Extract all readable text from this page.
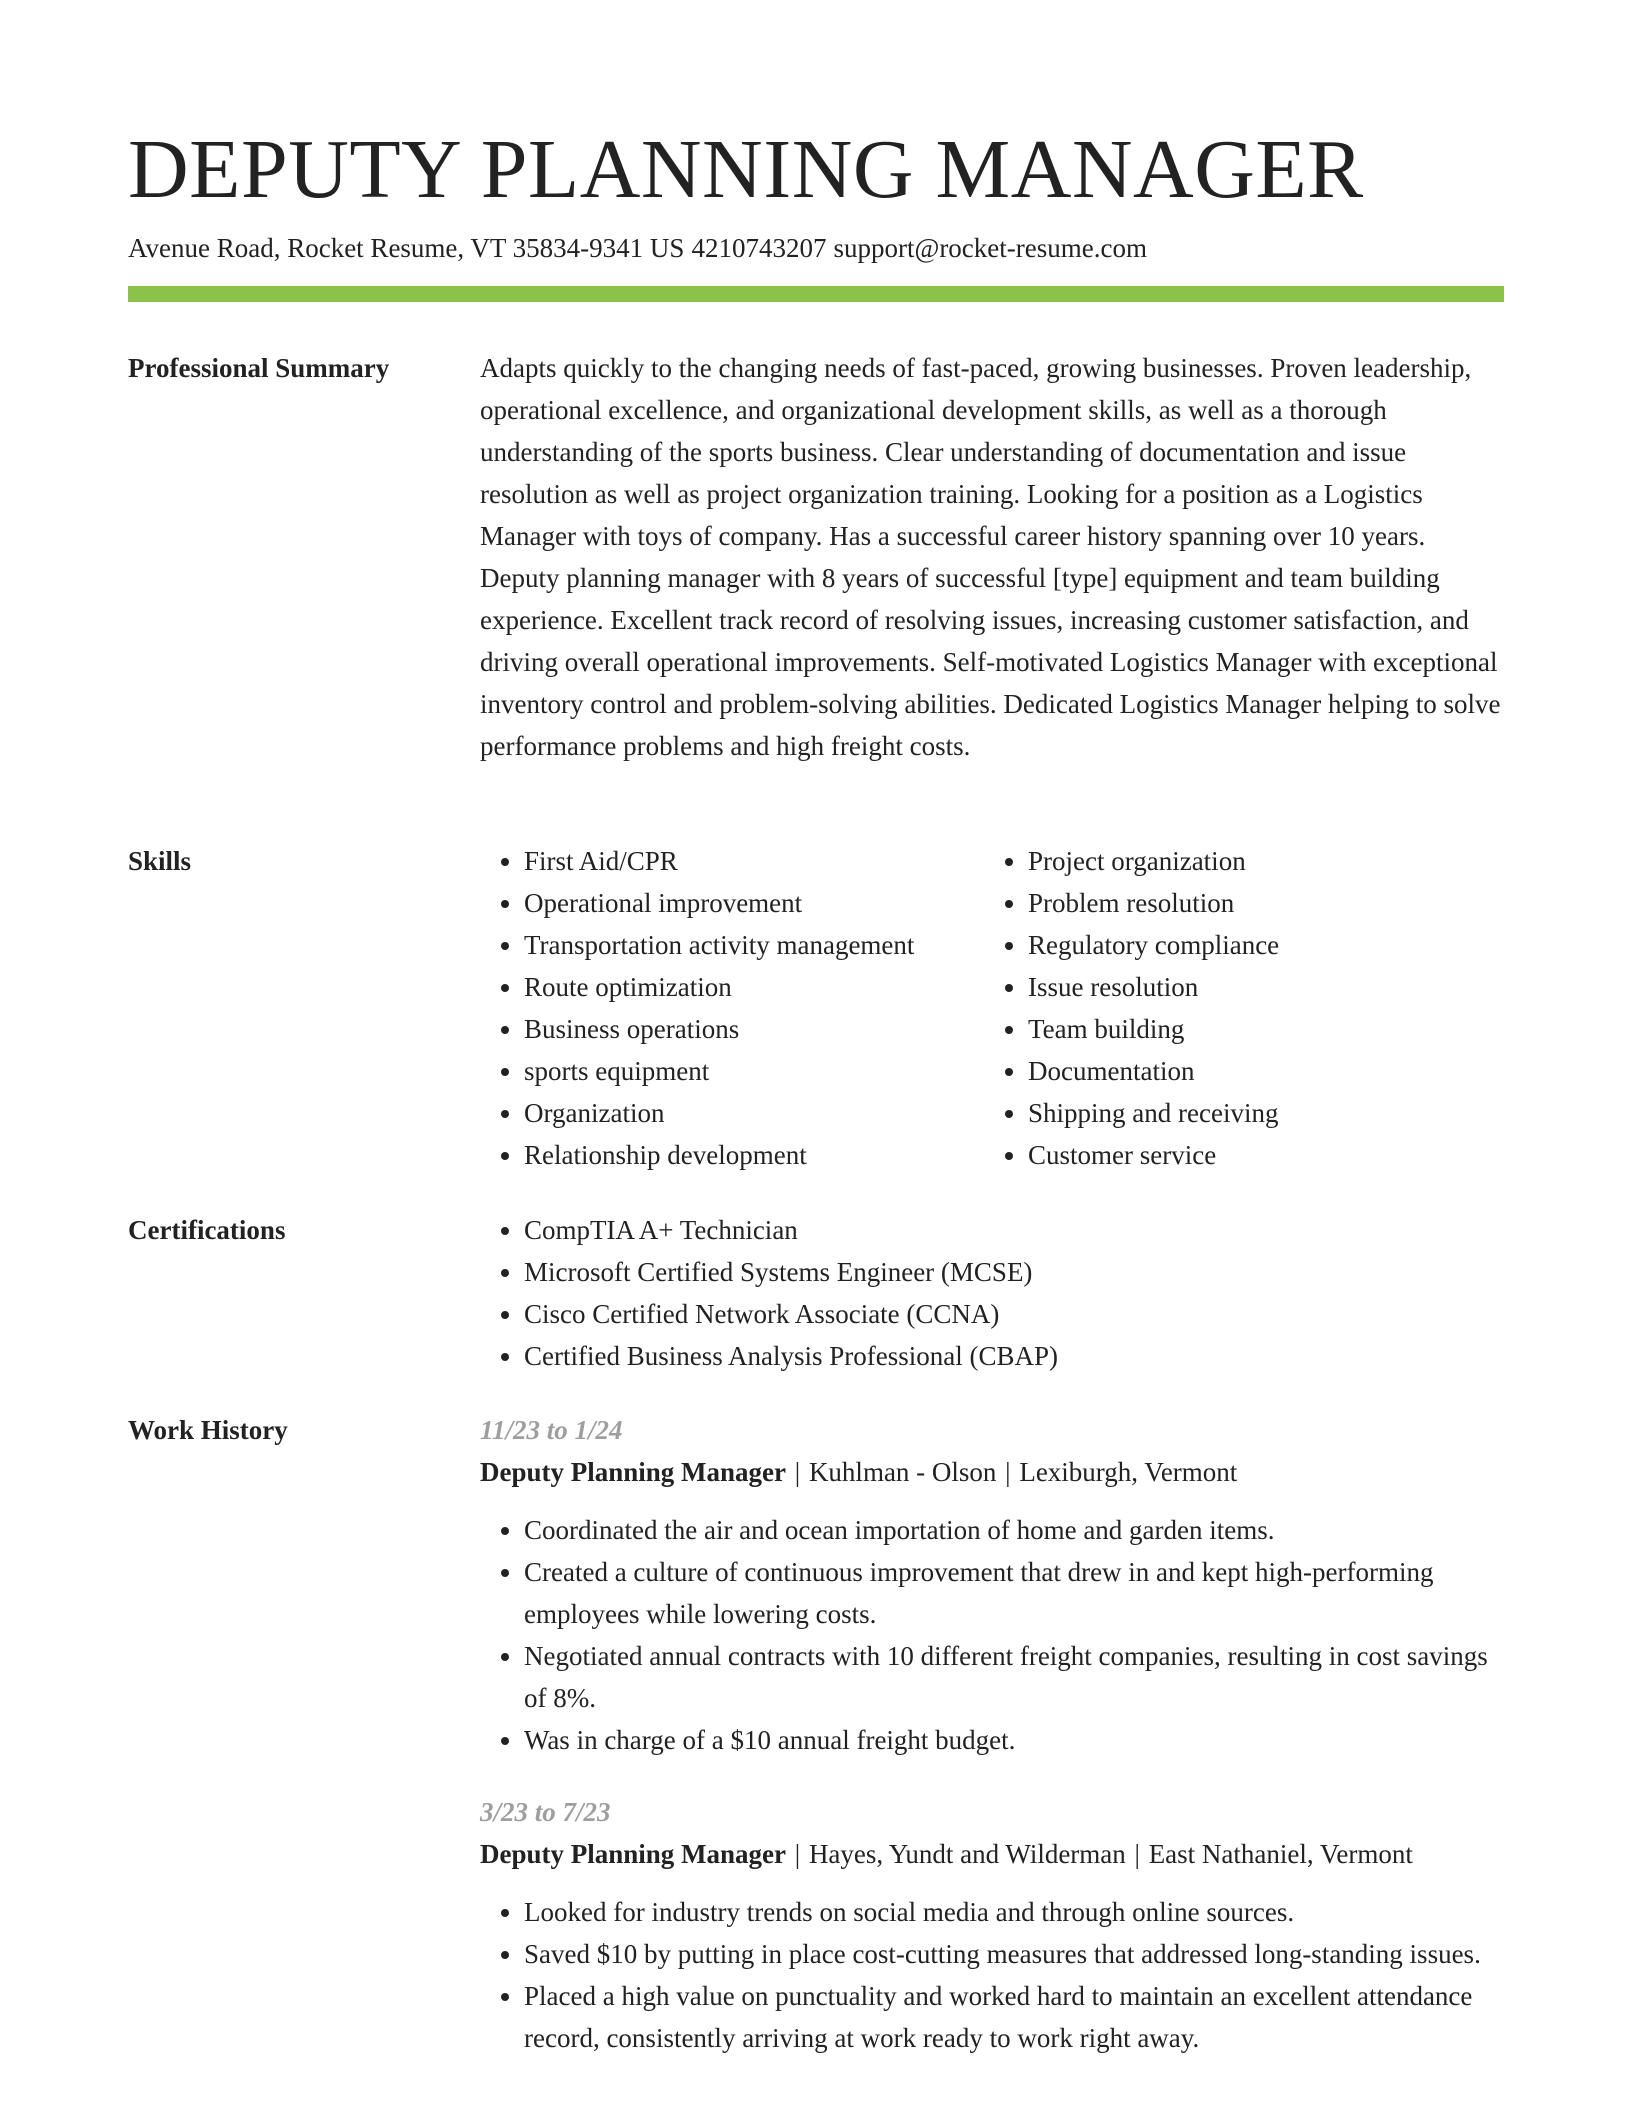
DEPUTY PLANNING MANAGER
Avenue Road, Rocket Resume, VT 35834-9341 US 4210743207 support@rocket-resume.com
Professional Summary	Adapts quickly to the changing needs of fast-paced, growing businesses. Proven leadership, operational excellence, and organizational development skills, as well as a thorough understanding of the sports business. Clear understanding of documentation and issue resolution as well as project organization training. Looking for a position as a Logistics Manager with toys of company. Has a successful career history spanning over 10 years. Deputy planning manager with 8 years of successful [type] equipment and team building experience. Excellent track record of resolving issues, increasing customer satisfaction, and driving overall operational improvements. Self-motivated Logistics Manager with exceptional inventory control and problem-solving abilities. Dedicated Logistics Manager helping to solve performance problems and high freight costs.

Skills	• First Aid/CPR
• Operational improvement
• Transportation activity management
• Route optimization
• Business operations
• sports equipment
• Organization
• Relationship development
• Project organization
• Problem resolution
• Regulatory compliance
• Issue resolution
• Team building
• Documentation
• Shipping and receiving
• Customer service
Certifications	• CompTIA A+ Technician
• Microsoft Certified Systems Engineer (MCSE)
• Cisco Certified Network Associate (CCNA)
• Certified Business Analysis Professional (CBAP)
Work History	11/23 to 1/24
Deputy Planning Manager | Kuhlman - Olson | Lexiburgh, Vermont
• Coordinated the air and ocean importation of home and garden items.
• Created a culture of continuous improvement that drew in and kept high-performing employees while lowering costs.
• Negotiated annual contracts with 10 different freight companies, resulting in cost savings of 8%.
• Was in charge of a $10 annual freight budget.
3/23 to 7/23
Deputy Planning Manager | Hayes, Yundt and Wilderman | East Nathaniel, Vermont
• Looked for industry trends on social media and through online sources.
• Saved $10 by putting in place cost-cutting measures that addressed long-standing issues.
• Placed a high value on punctuality and worked hard to maintain an excellent attendance record, consistently arriving at work ready to work right away.
